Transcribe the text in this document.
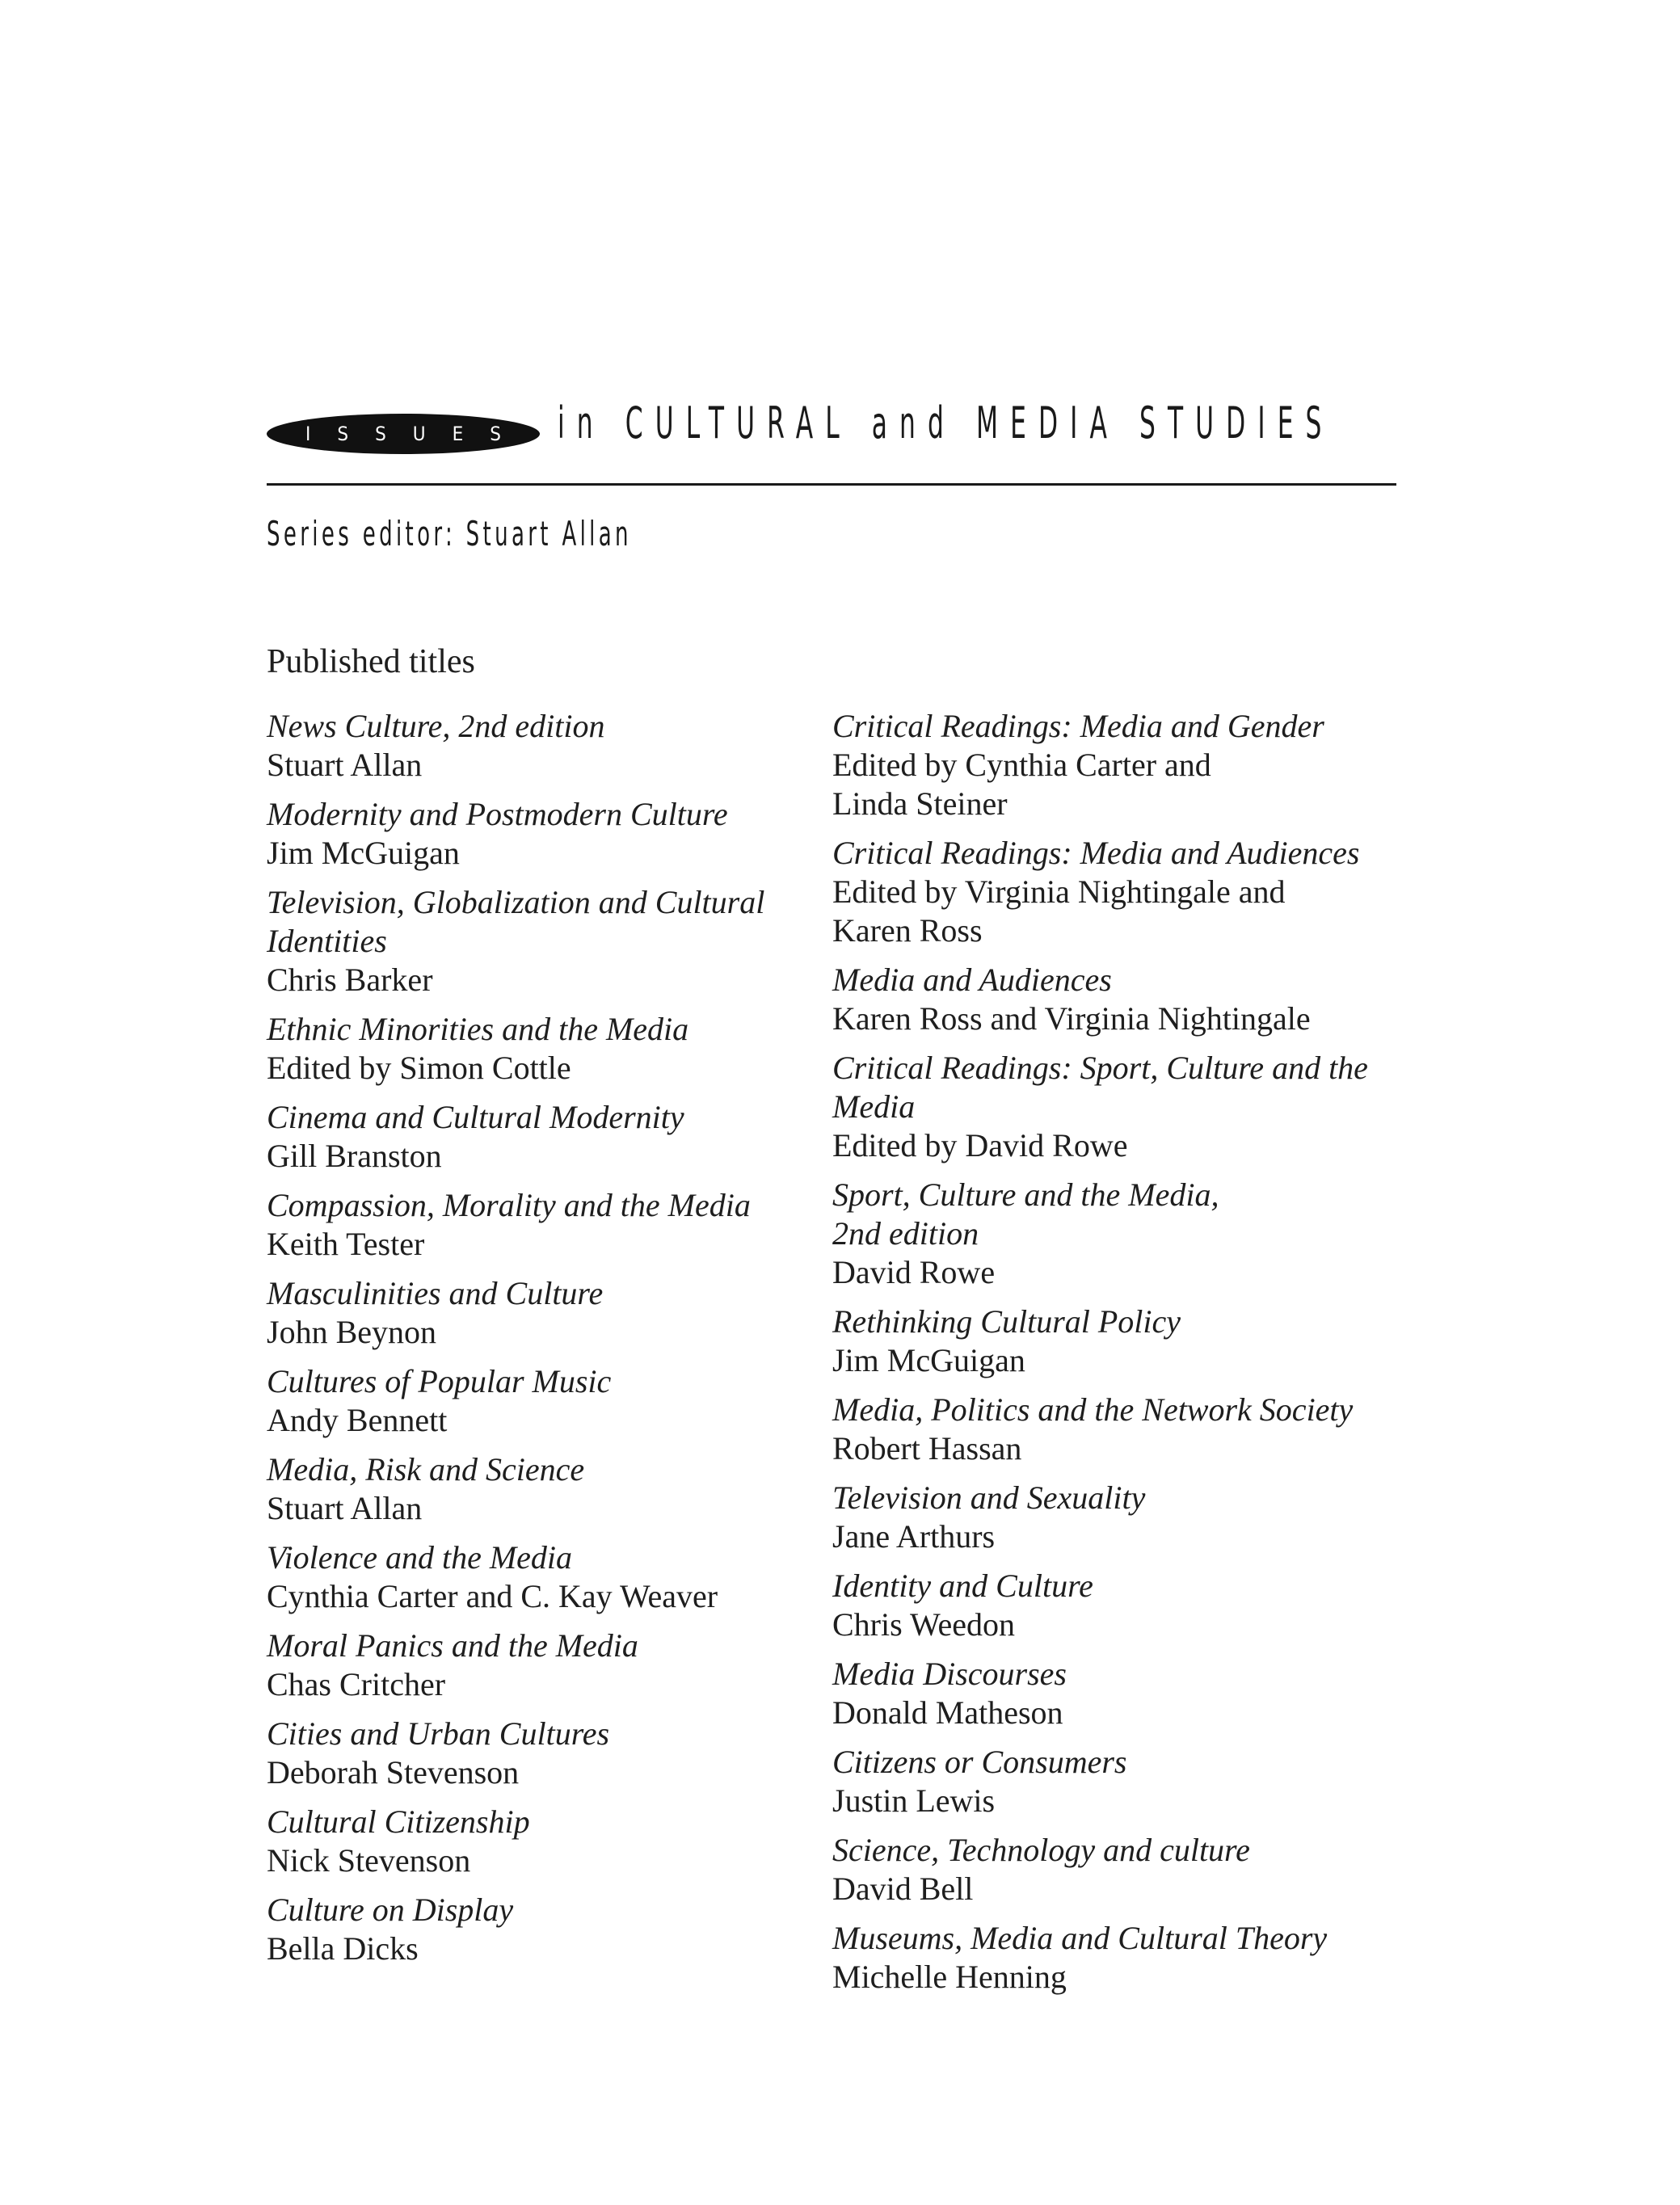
ISSUES in CULTURAL and MEDIA STUDIES
Series editor: Stuart Allan
Published titles
News Culture, 2nd edition
Stuart Allan
Modernity and Postmodern Culture
Jim McGuigan
Television, Globalization and Cultural
Identities
Chris Barker
Ethnic Minorities and the Media
Edited by Simon Cottle
Cinema and Cultural Modernity
Gill Branston
Compassion, Morality and the Media
Keith Tester
Masculinities and Culture
John Beynon
Cultures of Popular Music
Andy Bennett
Media, Risk and Science
Stuart Allan
Violence and the Media
Cynthia Carter and C. Kay Weaver
Moral Panics and the Media
Chas Critcher
Cities and Urban Cultures
Deborah Stevenson
Cultural Citizenship
Nick Stevenson
Culture on Display
Bella Dicks
Critical Readings: Media and Gender
Edited by Cynthia Carter and
Linda Steiner
Critical Readings: Media and Audiences
Edited by Virginia Nightingale and
Karen Ross
Media and Audiences
Karen Ross and Virginia Nightingale
Critical Readings: Sport, Culture and the
Media
Edited by David Rowe
Sport, Culture and the Media,
2nd edition
David Rowe
Rethinking Cultural Policy
Jim McGuigan
Media, Politics and the Network Society
Robert Hassan
Television and Sexuality
Jane Arthurs
Identity and Culture
Chris Weedon
Media Discourses
Donald Matheson
Citizens or Consumers
Justin Lewis
Science, Technology and culture
David Bell
Museums, Media and Cultural Theory
Michelle Henning
